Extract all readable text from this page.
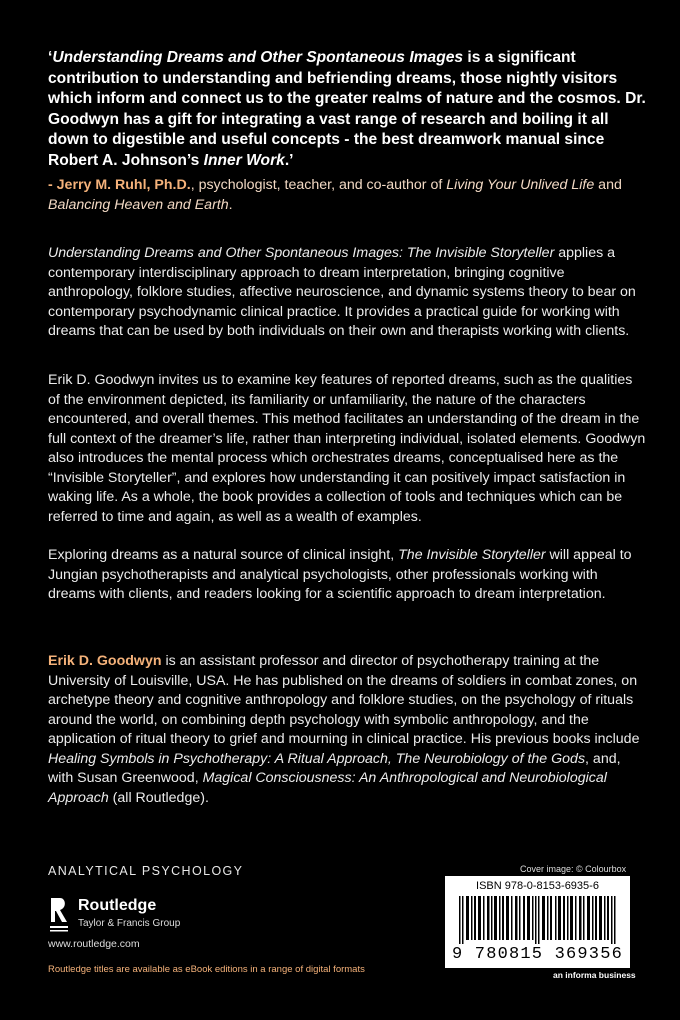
‘Understanding Dreams and Other Spontaneous Images is a significant contribution to understanding and befriending dreams, those nightly visitors which inform and connect us to the greater realms of nature and the cosmos. Dr. Goodwyn has a gift for integrating a vast range of research and boiling it all down to digestible and useful concepts - the best dreamwork manual since Robert A. Johnson’s Inner Work.’
- Jerry M. Ruhl, Ph.D., psychologist, teacher, and co-author of Living Your Unlived Life and Balancing Heaven and Earth.

Understanding Dreams and Other Spontaneous Images: The Invisible Storyteller applies a contemporary interdisciplinary approach to dream interpretation, bringing cognitive anthropology, folklore studies, affective neuroscience, and dynamic systems theory to bear on contemporary psychodynamic clinical practice. It provides a practical guide for working with dreams that can be used by both individuals on their own and therapists working with clients.

Erik D. Goodwyn invites us to examine key features of reported dreams, such as the qualities of the environment depicted, its familiarity or unfamiliarity, the nature of the characters encountered, and overall themes. This method facilitates an understanding of the dream in the full context of the dreamer’s life, rather than interpreting individual, isolated elements. Goodwyn also introduces the mental process which orchestrates dreams, conceptualised here as the “Invisible Storyteller”, and explores how understanding it can positively impact satisfaction in waking life. As a whole, the book provides a collection of tools and techniques which can be referred to time and again, as well as a wealth of examples.

Exploring dreams as a natural source of clinical insight, The Invisible Storyteller will appeal to Jungian psychotherapists and analytical psychologists, other professionals working with dreams with clients, and readers looking for a scientific approach to dream interpretation.

Erik D. Goodwyn is an assistant professor and director of psychotherapy training at the University of Louisville, USA. He has published on the dreams of soldiers in combat zones, on archetype theory and cognitive anthropology and folklore studies, on the psychology of rituals around the world, on combining depth psychology with symbolic anthropology, and the application of ritual theory to grief and mourning in clinical practice. His previous books include Healing Symbols in Psychotherapy: A Ritual Approach, The Neurobiology of the Gods, and, with Susan Greenwood, Magical Consciousness: An Anthropological and Neurobiological Approach (all Routledge).

ANALYTICAL PSYCHOLOGY
Routledge
Taylor & Francis Group
www.routledge.com
Routledge titles are available as eBook editions in a range of digital formats
Cover image: © Colourbox
ISBN 978-0-8153-6935-6
9 780815 369356
an informa business
